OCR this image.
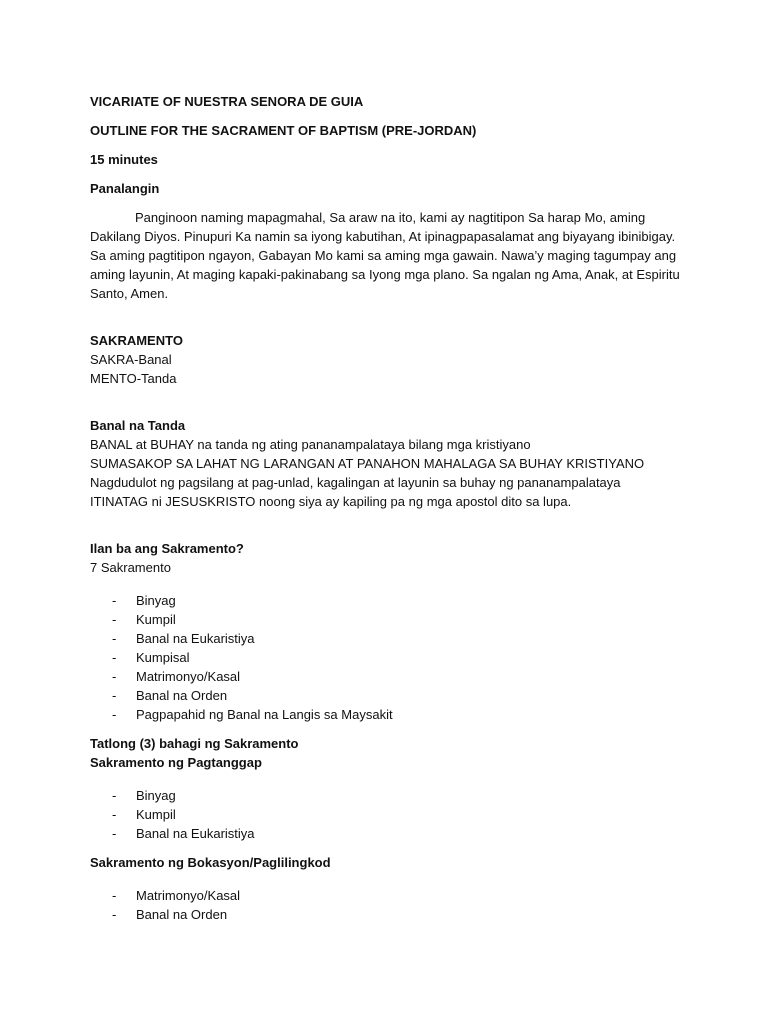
VICARIATE OF NUESTRA SENORA DE GUIA

OUTLINE FOR THE SACRAMENT OF BAPTISM (PRE-JORDAN)

15 minutes

Panalangin

Panginoon naming mapagmahal, Sa araw na ito, kami ay nagtitipon Sa harap Mo, aming Dakilang Diyos. Pinupuri Ka namin sa iyong kabutihan, At ipinagpapasalamat ang biyayang ibinibigay. Sa aming pagtitipon ngayon, Gabayan Mo kami sa aming mga gawain. Nawa’y maging tagumpay ang aming layunin, At maging kapaki-pakinabang sa Iyong mga plano. Sa ngalan ng Ama, Anak, at Espiritu Santo, Amen.

SAKRAMENTO
SAKRA-Banal
MENTO-Tanda
Banal na Tanda
BANAL at BUHAY na tanda ng ating pananampalataya bilang mga kristiyano
SUMASAKOP SA LAHAT NG LARANGAN AT PANAHON MAHALAGA SA BUHAY KRISTIYANO
Nagdudulot ng pagsilang at pag-unlad, kagalingan at layunin sa buhay ng pananampalataya
ITINATAG ni JESUSKRISTO noong siya ay kapiling pa ng mga apostol dito sa lupa.
Ilan ba ang Sakramento?
7 Sakramento
- Binyag
- Kumpil
- Banal na Eukaristiya
- Kumpisal
- Matrimonyo/Kasal
- Banal na Orden
- Pagpapahid ng Banal na Langis sa Maysakit
Tatlong (3) bahagi ng Sakramento
Sakramento ng Pagtanggap
- Binyag
- Kumpil
- Banal na Eukaristiya
Sakramento ng Bokasyon/Paglilingkod
- Matrimonyo/Kasal
- Banal na Orden
